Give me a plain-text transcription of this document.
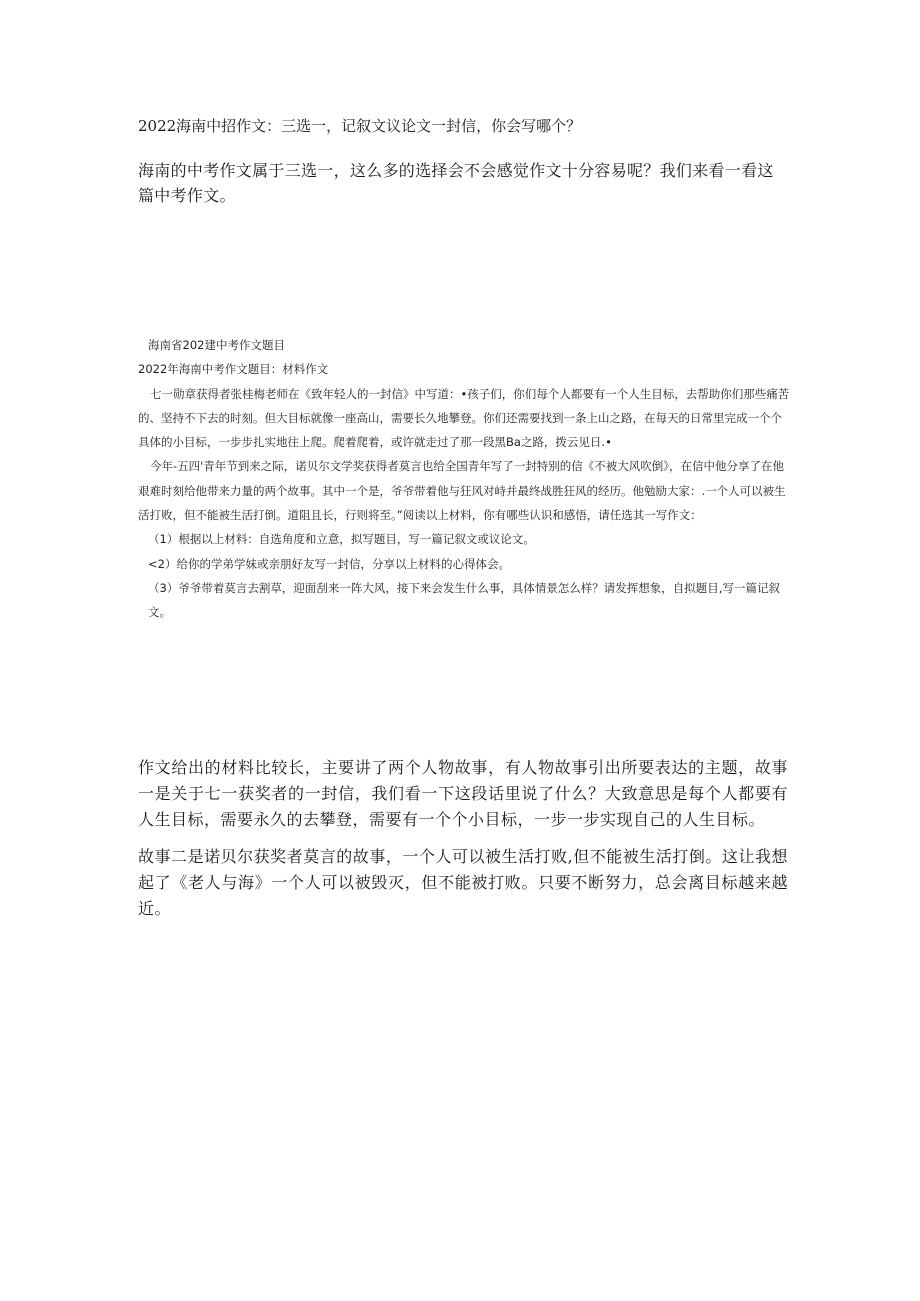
2022海南中招作文：三选一，记叙文议论文一封信，你会写哪个？

海南的中考作文属于三选一，这么多的选择会不会感觉作文十分容易呢？我们来看一看这篇中考作文。

海南省202建中考作文题目

2022年海南中考作文题目：材料作文

七一勋章获得者张桂梅老师在《致年轻人的一封信》中写道：•孩子们，你们每个人都要有一个人生目标，去帮助你们那些痛苦的、坚持不下去的时刻。但大目标就像一座高山，需要长久地攀登。你们还需要找到一条上山之路，在每天的日常里完成一个个具体的小目标，一步步扎实地往上爬。爬着爬着，或许就走过了那一段黑Ba之路，拨云见日.•

今年-五四'青年节到来之际，诺贝尔文学奖获得者莫言也给全国青年写了一封特别的信《不被大风吹倒》，在信中他分享了在他艰难时刻给他带来力量的两个故事。其中一个是，爷爷带着他与狂风对峙并最终战胜狂风的经历。他勉励大家：.一个人可以被生活打败，但不能被生活打倒。道阻且长，行则将至。”阅读以上材料，你有哪些认识和感悟，请任选其一写作文：

（1）根据以上材料：自选角度和立意，拟写题目，写一篇记叙文或议论文。

<2）给你的学弟学妹或亲朋好友写一封信，分享以上材料的心得体会。

（3）爷爷带着莫言去割草，迎面刮来一阵大风，接下来会发生什么事，具体情景怎么样？请发挥想象，自拟题目,写一篇记叙文。

作文给出的材料比较长，主要讲了两个人物故事，有人物故事引出所要表达的主题，故事一是关于七一获奖者的一封信，我们看一下这段话里说了什么？大致意思是每个人都要有人生目标，需要永久的去攀登，需要有一个个小目标，一步一步实现自己的人生目标。

故事二是诺贝尔获奖者莫言的故事，一个人可以被生活打败,但不能被生活打倒。这让我想起了《老人与海》一个人可以被毁灭，但不能被打败。只要不断努力，总会离目标越来越近。
